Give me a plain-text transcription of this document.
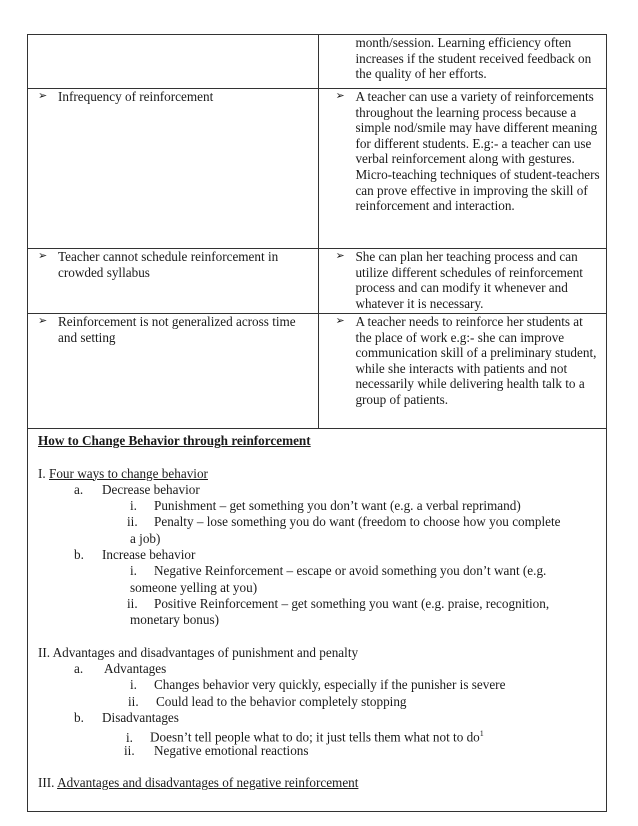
	month/session. Learning efficiency often increases if the student received feedback on the quality of her efforts.

➢ Infrequency of reinforcement	➢ A teacher can use a variety of reinforcements throughout the learning process because a simple nod/smile may have different meaning for different students. E.g:- a teacher can use verbal reinforcement along with gestures. Micro-teaching techniques of student-teachers can prove effective in improving the skill of reinforcement and interaction.

➢ Teacher cannot schedule reinforcement in crowded syllabus	➢ She can plan her teaching process and can utilize different schedules of reinforcement process and can modify it whenever and whatever it is necessary.

➢ Reinforcement is not generalized across time and setting	➢ A teacher needs to reinforce her students at the place of work e.g:- she can improve communication skill of a preliminary student, while she interacts with patients and not necessarily while delivering health talk to a group of patients.
How to Change Behavior through reinforcement
I. Four ways to change behavior
a. Decrease behavior
i. Punishment – get something you don’t want (e.g. a verbal reprimand)
ii. Penalty – lose something you do want (freedom to choose how you complete
a job)
b. Increase behavior
i. Negative Reinforcement – escape or avoid something you don’t want (e.g.
someone yelling at you)
ii. Positive Reinforcement – get something you want (e.g. praise, recognition,
monetary bonus)
II. Advantages and disadvantages of punishment and penalty
a. Advantages
i. Changes behavior very quickly, especially if the punisher is severe
ii. Could lead to the behavior completely stopping
b. Disadvantages
i. Doesn’t tell people what to do; it just tells them what not to $do^1$
ii. Negative emotional reactions
III. Advantages and disadvantages of negative reinforcement
